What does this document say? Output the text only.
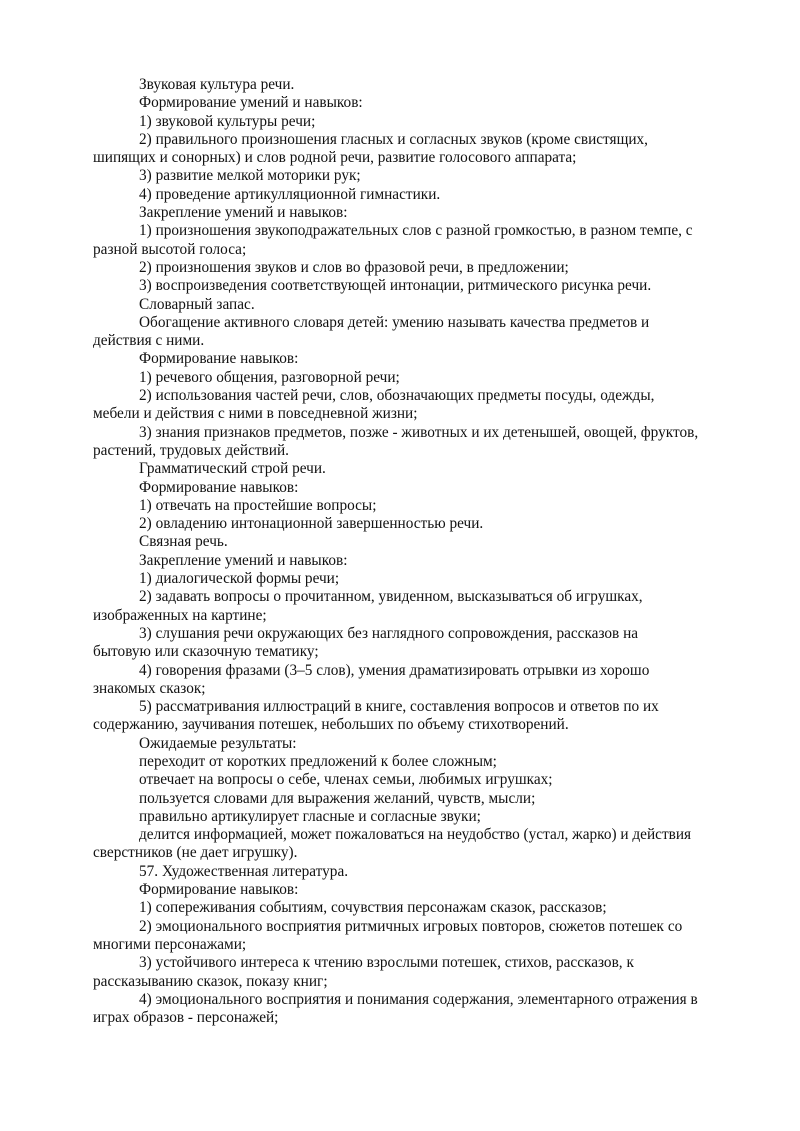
Звуковая культура речи.
Формирование умений и навыков:
1) звуковой культуры речи;
2) правильного произношения гласных и согласных звуков (кроме свистящих,
шипящих и сонорных) и слов родной речи, развитие голосового аппарата;
3) развитие мелкой моторики рук;
4) проведение артикулляционной гимнастики.
Закрепление умений и навыков:
1) произношения звукоподражательных слов с разной громкостью, в разном темпе, с
разной высотой голоса;
2) произношения звуков и слов во фразовой речи, в предложении;
3) воспроизведения соответствующей интонации, ритмического рисунка речи.
Словарный запас.
Обогащение активного словаря детей: умению называть качества предметов и
действия с ними.
Формирование навыков:
1) речевого общения, разговорной речи;
2) использования частей речи, слов, обозначающих предметы посуды, одежды,
мебели и действия с ними в повседневной жизни;
3) знания признаков предметов, позже - животных и их детенышей, овощей, фруктов,
растений, трудовых действий.
Грамматический строй речи.
Формирование навыков:
1) отвечать на простейшие вопросы;
2) овладению интонационной завершенностью речи.
Связная речь.
Закрепление умений и навыков:
1) диалогической формы речи;
2) задавать вопросы о прочитанном, увиденном, высказываться об игрушках,
изображенных на картине;
3) слушания речи окружающих без наглядного сопровождения, рассказов на
бытовую или сказочную тематику;
4) говорения фразами (3–5 слов), умения драматизировать отрывки из хорошо
знакомых сказок;
5) рассматривания иллюстраций в книге, составления вопросов и ответов по их
содержанию, заучивания потешек, небольших по объему стихотворений.
Ожидаемые результаты:
переходит от коротких предложений к более сложным;
отвечает на вопросы о себе, членах семьи, любимых игрушках;
пользуется словами для выражения желаний, чувств, мысли;
правильно артикулирует гласные и согласные звуки;
делится информацией, может пожаловаться на неудобство (устал, жарко) и действия
сверстников (не дает игрушку).
57. Художественная литература.
Формирование навыков:
1) сопереживания событиям, сочувствия персонажам сказок, рассказов;
2) эмоционального восприятия ритмичных игровых повторов, сюжетов потешек со
многими персонажами;
3) устойчивого интереса к чтению взрослыми потешек, стихов, рассказов, к
рассказыванию сказок, показу книг;
4) эмоционального восприятия и понимания содержания, элементарного отражения в
играх образов - персонажей;
